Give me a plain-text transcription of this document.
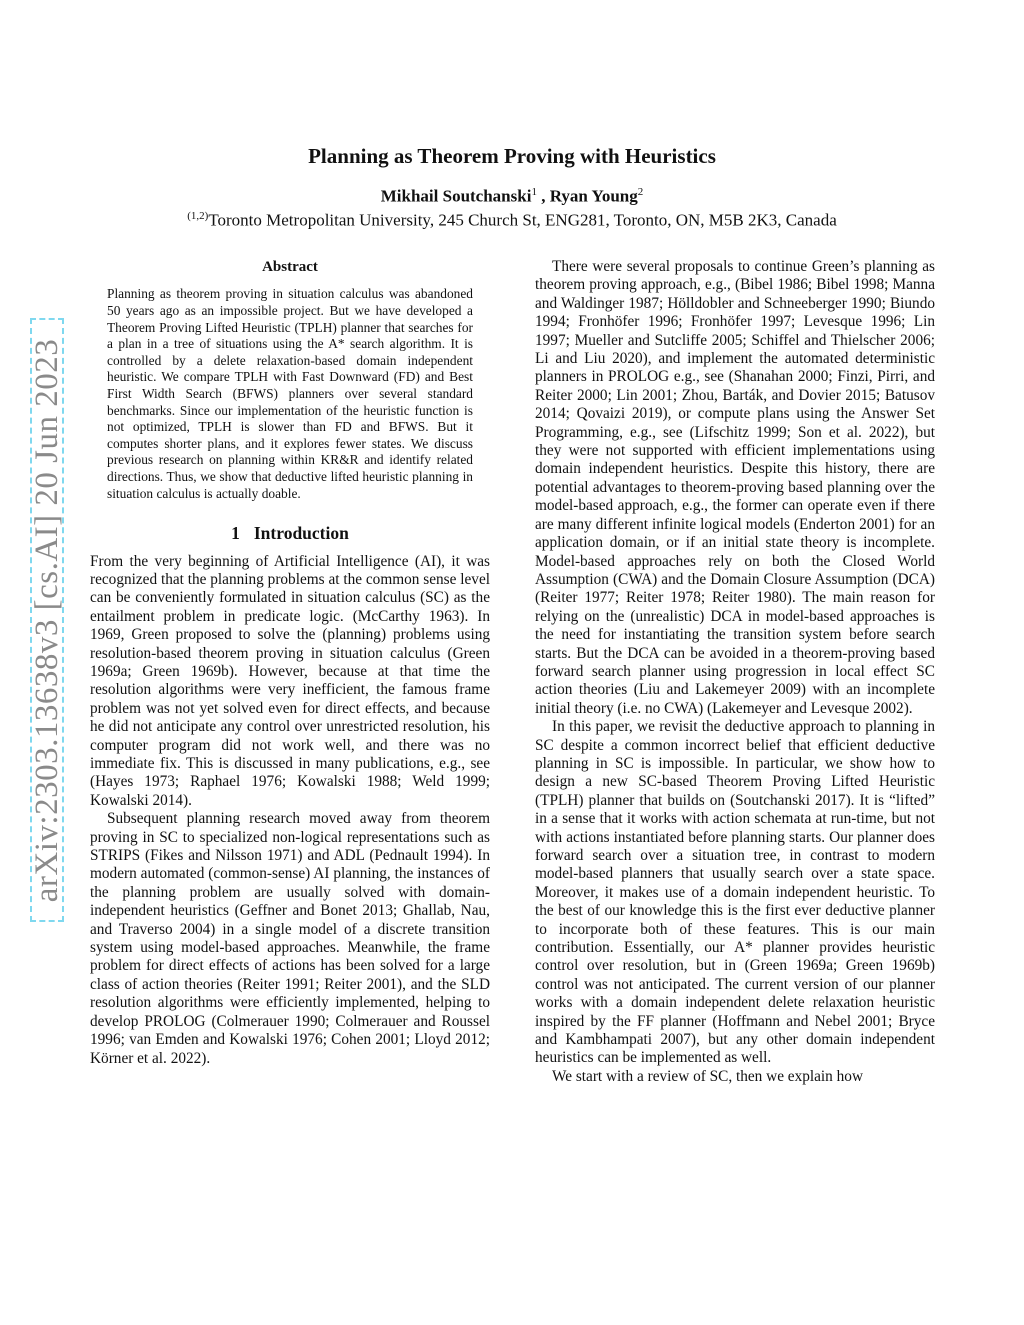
arXiv:2303.13638v3 [cs.AI] 20 Jun 2023
Planning as Theorem Proving with Heuristics
Mikhail Soutchanski$^1$ , Ryan Young$^2$
$^{(1,2)}$Toronto Metropolitan University, 245 Church St, ENG281, Toronto, ON, M5B 2K3, Canada
Abstract
Planning as theorem proving in situation calculus was abandoned 50 years ago as an impossible project. But we have developed a Theorem Proving Lifted Heuristic (TPLH) planner that searches for a plan in a tree of situations using the A* search algorithm. It is controlled by a delete relaxation-based domain independent heuristic. We compare TPLH with Fast Downward (FD) and Best First Width Search (BFWS) planners over several standard benchmarks. Since our implementation of the heuristic function is not optimized, TPLH is slower than FD and BFWS. But it computes shorter plans, and it explores fewer states. We discuss previous research on planning within KR&R and identify related directions. Thus, we show that deductive lifted heuristic planning in situation calculus is actually doable.
1 Introduction

From the very beginning of Artificial Intelligence (AI), it was recognized that the planning problems at the common sense level can be conveniently formulated in situation calculus (SC) as the entailment problem in predicate logic. (McCarthy 1963). In 1969, Green proposed to solve the (planning) problems using resolution-based theorem proving in situation calculus (Green 1969a; Green 1969b). However, because at that time the resolution algorithms were very inefficient, the famous frame problem was not yet solved even for direct effects, and because he did not anticipate any control over unrestricted resolution, his computer program did not work well, and there was no immediate fix. This is discussed in many publications, e.g., see (Hayes 1973; Raphael 1976; Kowalski 1988; Weld 1999; Kowalski 2014).

Subsequent planning research moved away from theorem proving in SC to specialized non-logical representations such as STRIPS (Fikes and Nilsson 1971) and ADL (Pednault 1994). In modern automated (common-sense) AI planning, the instances of the planning problem are usually solved with domain-independent heuristics (Geffner and Bonet 2013; Ghallab, Nau, and Traverso 2004) in a single model of a discrete transition system using model-based approaches. Meanwhile, the frame problem for direct effects of actions has been solved for a large class of action theories (Reiter 1991; Reiter 2001), and the SLD resolution algorithms were efficiently implemented, helping to develop PROLOG (Colmerauer 1990; Colmerauer and Roussel 1996; van Emden and Kowalski 1976; Cohen 2001; Lloyd 2012; Körner et al. 2022).

There were several proposals to continue Green’s planning as theorem proving approach, e.g., (Bibel 1986; Bibel 1998; Manna and Waldinger 1987; Hölldobler and Schneeberger 1990; Biundo 1994; Fronhöfer 1996; Fronhöfer 1997; Levesque 1996; Lin 1997; Mueller and Sutcliffe 2005; Schiffel and Thielscher 2006; Li and Liu 2020), and implement the automated deterministic planners in PROLOG e.g., see (Shanahan 2000; Finzi, Pirri, and Reiter 2000; Lin 2001; Zhou, Barták, and Dovier 2015; Batusov 2014; Qovaizi 2019), or compute plans using the Answer Set Programming, e.g., see (Lifschitz 1999; Son et al. 2022), but they were not supported with efficient implementations using domain independent heuristics. Despite this history, there are potential advantages to theorem-proving based planning over the model-based approach, e.g., the former can operate even if there are many different infinite logical models (Enderton 2001) for an application domain, or if an initial state theory is incomplete. Model-based approaches rely on both the Closed World Assumption (CWA) and the Domain Closure Assumption (DCA) (Reiter 1977; Reiter 1978; Reiter 1980). The main reason for relying on the (unrealistic) DCA in model-based approaches is the need for instantiating the transition system before search starts. But the DCA can be avoided in a theorem-proving based forward search planner using progression in local effect SC action theories (Liu and Lakemeyer 2009) with an incomplete initial theory (i.e. no CWA) (Lakemeyer and Levesque 2002).

In this paper, we revisit the deductive approach to planning in SC despite a common incorrect belief that efficient deductive planning in SC is impossible. In particular, we show how to design a new SC-based Theorem Proving Lifted Heuristic (TPLH) planner that builds on (Soutchanski 2017). It is “lifted” in a sense that it works with action schemata at run-time, but not with actions instantiated before planning starts. Our planner does forward search over a situation tree, in contrast to modern model-based planners that usually search over a state space. Moreover, it makes use of a domain independent heuristic. To the best of our knowledge this is the first ever deductive planner to incorporate both of these features. This is our main contribution. Essentially, our A* planner provides heuristic control over resolution, but in (Green 1969a; Green 1969b) control was not anticipated. The current version of our planner works with a domain independent delete relaxation heuristic inspired by the FF planner (Hoffmann and Nebel 2001; Bryce and Kambhampati 2007), but any other domain independent heuristics can be implemented as well.

We start with a review of SC, then we explain how
